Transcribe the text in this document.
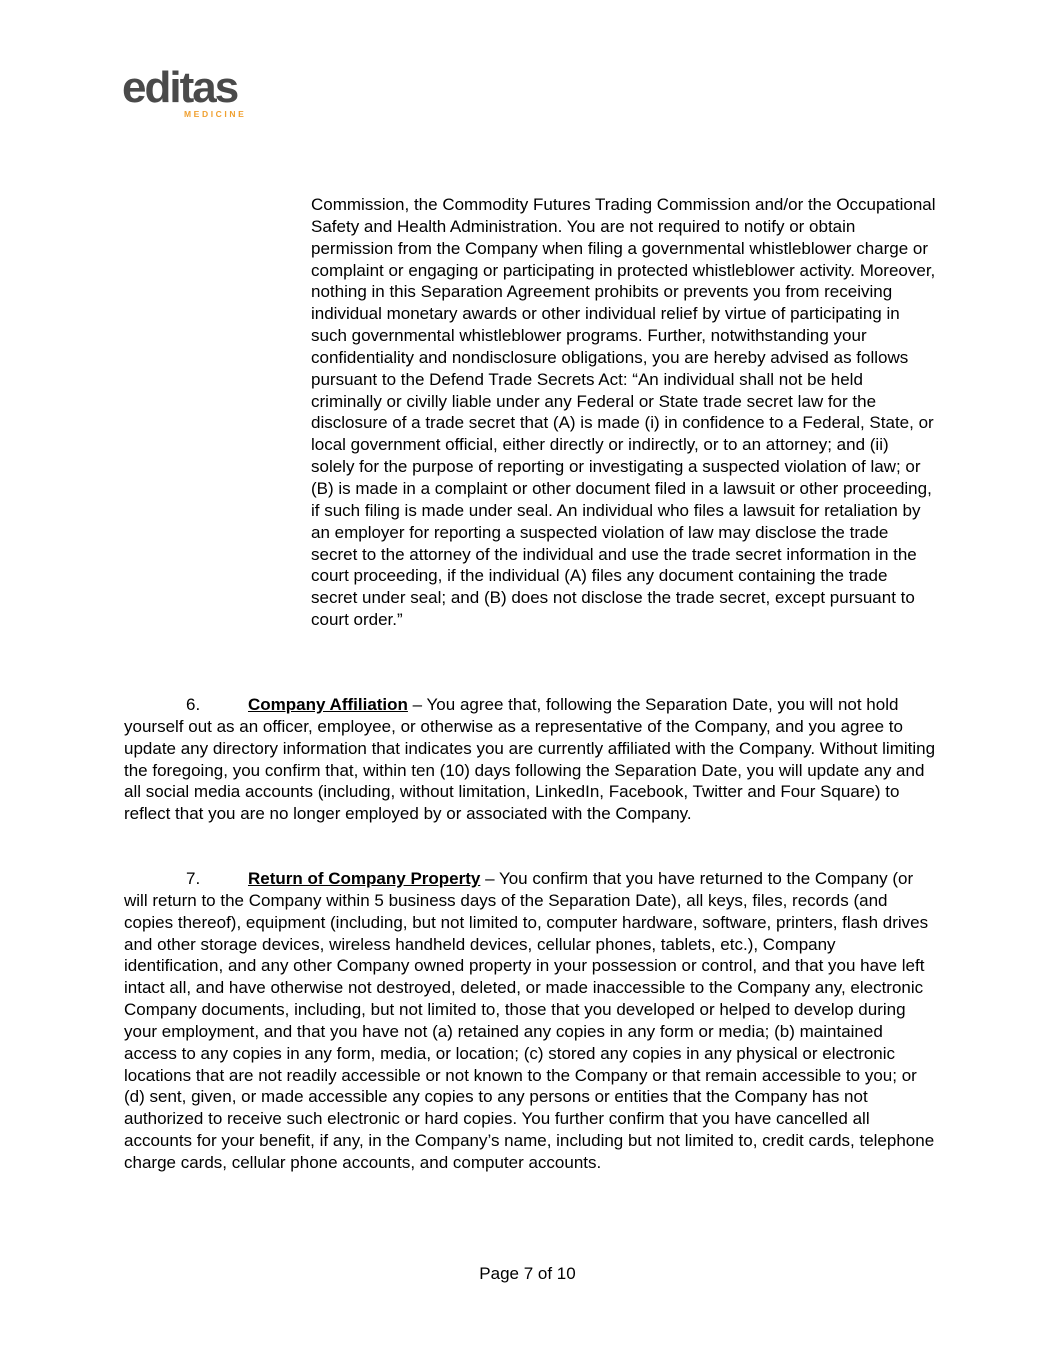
editas
MEDICINE

Commission, the Commodity Futures Trading Commission and/or the Occupational Safety and Health Administration. You are not required to notify or obtain permission from the Company when filing a governmental whistleblower charge or complaint or engaging or participating in protected whistleblower activity. Moreover, nothing in this Separation Agreement prohibits or prevents you from receiving individual monetary awards or other individual relief by virtue of participating in such governmental whistleblower programs. Further, notwithstanding your confidentiality and nondisclosure obligations, you are hereby advised as follows pursuant to the Defend Trade Secrets Act: “An individual shall not be held criminally or civilly liable under any Federal or State trade secret law for the disclosure of a trade secret that (A) is made (i) in confidence to a Federal, State, or local government official, either directly or indirectly, or to an attorney; and (ii) solely for the purpose of reporting or investigating a suspected violation of law; or (B) is made in a complaint or other document filed in a lawsuit or other proceeding, if such filing is made under seal. An individual who files a lawsuit for retaliation by an employer for reporting a suspected violation of law may disclose the trade secret to the attorney of the individual and use the trade secret information in the court proceeding, if the individual (A) files any document containing the trade secret under seal; and (B) does not disclose the trade secret, except pursuant to court order.”

6.	Company Affiliation – You agree that, following the Separation Date, you will not hold yourself out as an officer, employee, or otherwise as a representative of the Company, and you agree to update any directory information that indicates you are currently affiliated with the Company. Without limiting the foregoing, you confirm that, within ten (10) days following the Separation Date, you will update any and all social media accounts (including, without limitation, LinkedIn, Facebook, Twitter and Four Square) to reflect that you are no longer employed by or associated with the Company.

7.	Return of Company Property – You confirm that you have returned to the Company (or will return to the Company within 5 business days of the Separation Date), all keys, files, records (and copies thereof), equipment (including, but not limited to, computer hardware, software, printers, flash drives and other storage devices, wireless handheld devices, cellular phones, tablets, etc.), Company identification, and any other Company owned property in your possession or control, and that you have left intact all, and have otherwise not destroyed, deleted, or made inaccessible to the Company any, electronic Company documents, including, but not limited to, those that you developed or helped to develop during your employment, and that you have not (a) retained any copies in any form or media; (b) maintained access to any copies in any form, media, or location; (c) stored any copies in any physical or electronic locations that are not readily accessible or not known to the Company or that remain accessible to you; or (d) sent, given, or made accessible any copies to any persons or entities that the Company has not authorized to receive such electronic or hard copies. You further confirm that you have cancelled all accounts for your benefit, if any, in the Company’s name, including but not limited to, credit cards, telephone charge cards, cellular phone accounts, and computer accounts.

Page 7 of 10
